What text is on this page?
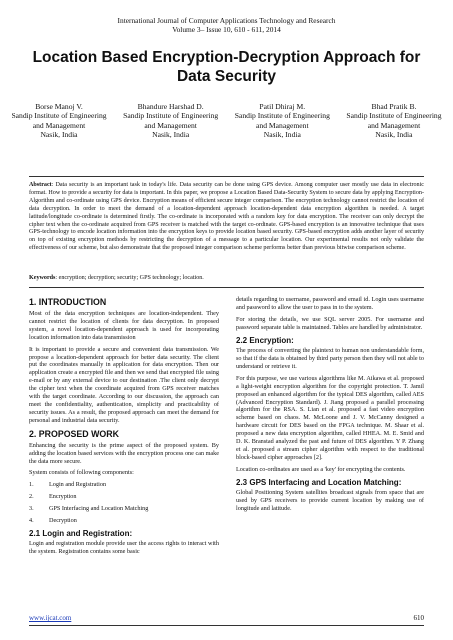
International Journal of Computer Applications Technology and Research
Volume 3– Issue 10, 610 - 611, 2014
Location Based Encryption-Decryption Approach for Data Security
Borse Manoj V.
Sandip Institute of Engineering and Management
Nasik, India
Bhandure Harshad D.
Sandip Institute of Engineering and Management
Nasik, India
Patil Dhiraj M.
Sandip Institute of Engineering and Management
Nasik, India
Bhad Pratik B.
Sandip Institute of Engineering and Management
Nasik, India
Abstract: Data security is an important task in today's life. Data security can be done using GPS device. Among computer user mostly use data in electronic format. How to provide a security for data is important. In this paper, we propose a Location Based Data-Security System to secure data by applying Encryption-Algorithm and co-ordinate using GPS device. Encryption means of efficient secure integer comparison. The encryption technology cannot restrict the location of data decryption. In order to meet the demand of a location-dependent approach location-dependent data encryption algorithm is needed. A target latitude/longitude co-ordinate is determined firstly. The co-ordinate is incorporated with a random key for data encryption. The receiver can only decrypt the cipher text when the co-ordinate acquired from GPS receiver is matched with the target co-ordinate. GPS-based encryption is an innovative technique that uses GPS-technology to encode location information into the encryption keys to provide location based security. GPS-based encryption adds another layer of security on top of existing encryption methods by restricting the decryption of a message to a particular location. Our experimental results not only validate the effectiveness of our scheme, but also demonstrate that the proposed integer comparison scheme performs better than previous bitwise comparison scheme.
Keywords: encryption; decryption; security; GPS technology; location.
1. INTRODUCTION

Most of the data encryption techniques are location-independent. They cannot restrict the location of clients for data decryption. In proposed system, a novel location-dependent approach is used for incorporating location information into data transmission

It is important to provide a secure and convenient data transmission. We propose a location-dependent approach for better data security. The client put the coordinates manually in application for data encryption. Then our application create a encrypted file and then we send that encrypted file using e-mail or by any external device to our destination .The client only decrypt the cipher text when the coordinate acquired from GPS receiver matches with the target coordinate. According to our discussion, the approach can meet the confidentiality, authentication, simplicity and practicability of security issues. As a result, the proposed approach can meet the demand for personal and industrial data security.

2. PROPOSED WORK

Enhancing the security is the prime aspect of the proposed system. By adding the location based services with the encryption process one can make the data more secure.

System consists of following components:

1.	Login and Registration
2.	Encryption
3.	GPS Interfacing and Location Matching
4.	Decryption
2.1 Login and Registration:

Login and registration module provide user the access rights to interact with the system. Registration contains some basic

details regarding to username, password and email id. Login uses username and password to allow the user to pass in to the system.

For storing the details, we use SQL server 2005. For username and password separate table is maintained. Tables are handled by administrator.

2.2 Encryption:

The process of converting the plaintext to human non understandable form, so that if the data is obtained by third party person then they will not able to understand or retrieve it.

For this purpose, we use various algorithms like M. Aikawa et al. proposed a light-weight encryption algorithm for the copyright protection. T. Jamil proposed an enhanced algorithm for the typical DES algorithm, called AES (Advanced Encryption Standard). J. Jiang proposed a parallel processing algorithm for the RSA. S. Lian et al. proposed a fast video encryption scheme based on chaos. M. McLoone and J. V. McCanny designed a hardware circuit for DES based on the FPGA technique. M. Shaar et al. proposed a new data encryption algorithm, called HHEA. M. E. Smid and D. K. Branstad analyzed the past and future of DES algorithm. Y P. Zhang et al. proposed a stream cipher algorithm with respect to the traditional block-based cipher approaches [2].

Location co-ordinates are used as a 'key' for encrypting the contents.

2.3 GPS Interfacing and Location Matching:

Global Positioning System satellites broadcast signals from space that are used by GPS receivers to provide current location by making use of longitude and latitude.

www.ijcat.com	610
